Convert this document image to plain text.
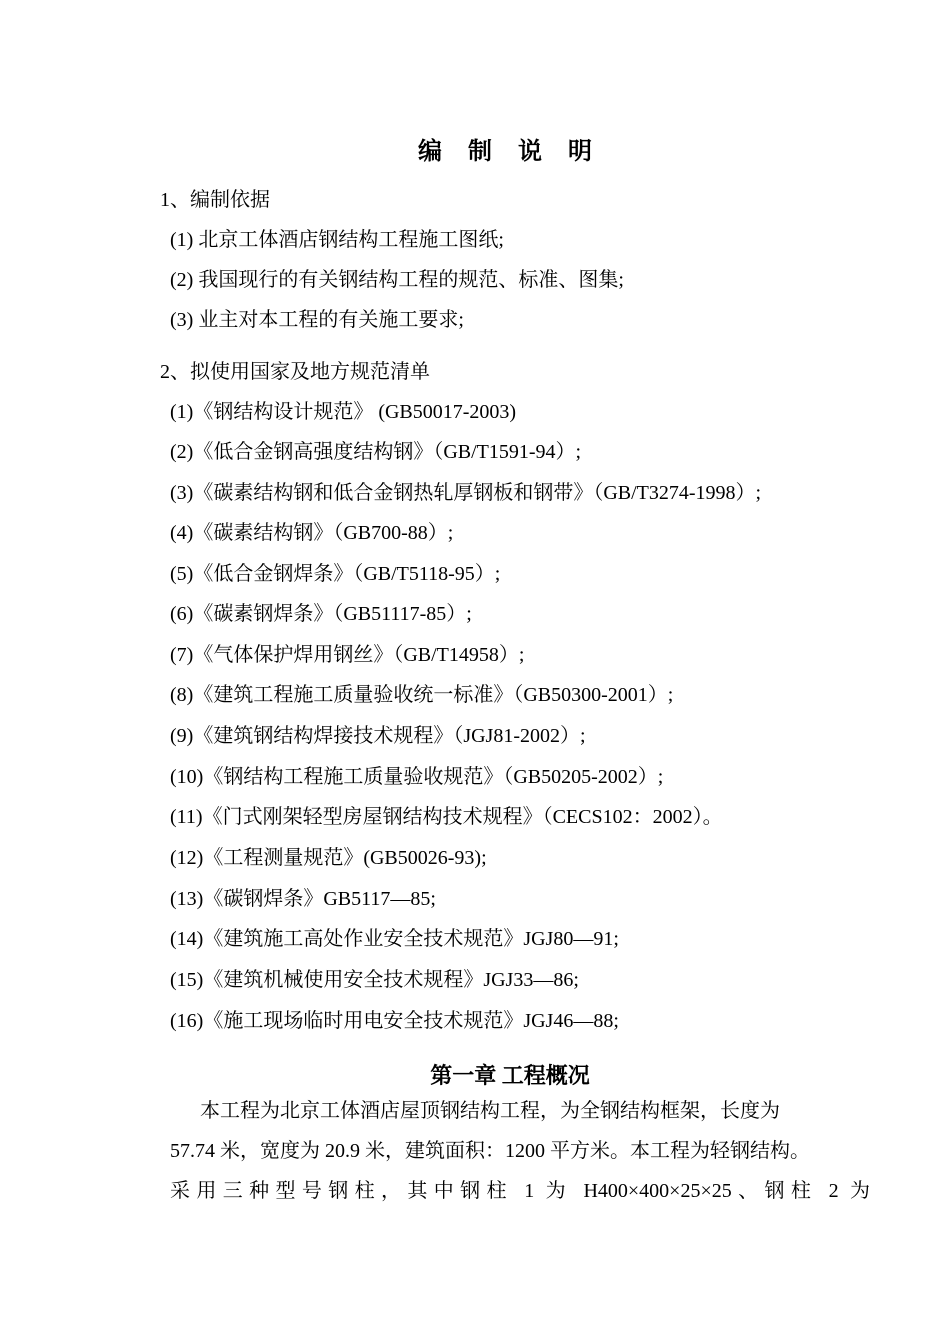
编 制 说 明
1、编制依据
(1) 北京工体酒店钢结构工程施工图纸;
(2) 我国现行的有关钢结构工程的规范、标准、图集;
(3) 业主对本工程的有关施工要求;
2、拟使用国家及地方规范清单
(1)《钢结构设计规范》 (GB50017-2003)
(2)《低合金钢高强度结构钢》（GB/T1591-94）;
(3)《碳素结构钢和低合金钢热轧厚钢板和钢带》（GB/T3274-1998）;
(4)《碳素结构钢》（GB700-88）;
(5)《低合金钢焊条》（GB/T5118-95）;
(6)《碳素钢焊条》（GB51117-85）;
(7)《气体保护焊用钢丝》（GB/T14958）;
(8)《建筑工程施工质量验收统一标准》（GB50300-2001）;
(9)《建筑钢结构焊接技术规程》（JGJ81-2002）;
(10)《钢结构工程施工质量验收规范》（GB50205-2002）;
(11)《门式刚架轻型房屋钢结构技术规程》（CECS102：2002）。
(12)《工程测量规范》(GB50026-93);
(13)《碳钢焊条》GB5117—85;
(14)《建筑施工高处作业安全技术规范》JGJ80—91;
(15)《建筑机械使用安全技术规程》JGJ33—86;
(16)《施工现场临时用电安全技术规范》JGJ46—88;
第一章 工程概况
本工程为北京工体酒店屋顶钢结构工程，为全钢结构框架，长度为
57.74 米，宽度为 20.9 米，建筑面积：1200 平方米。本工程为轻钢结构。
采用三种型号钢柱，其中钢柱 1 为 H400×400×25×25、钢柱 2 为
